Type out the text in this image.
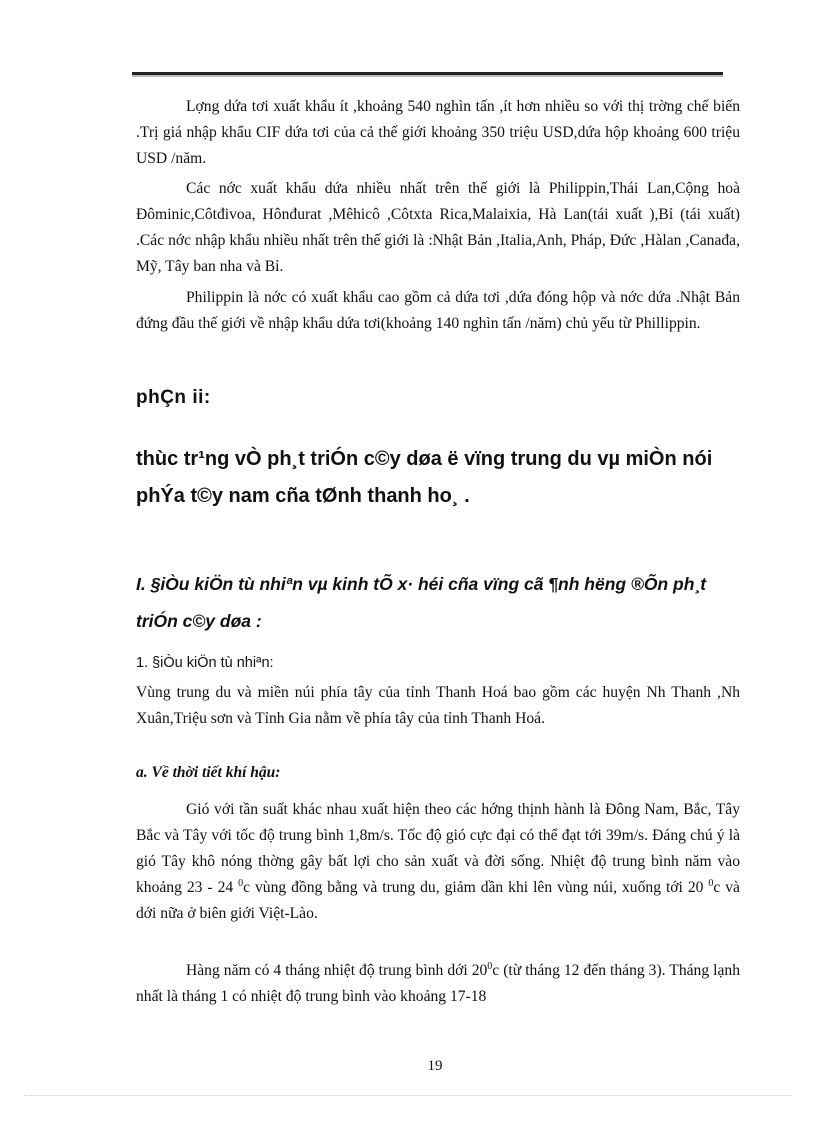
Lợng dứa tơi xuất khẩu ít ,khoảng 540 nghìn tấn ,ít hơn nhiều so với thị trờng chế biến .Trị giá nhập khẩu CIF dứa tơi của cả thế giới khoảng 350 triệu USD,dứa hộp khoảng 600 triệu USD /năm.

Các nớc xuất khẩu dứa nhiều nhất trên thế giới là Philippin,Thái Lan,Cộng hoà Đôminic,Côtđivoa, Hônđurat ,Mêhicô ,Côtxta Rica,Malaixia, Hà Lan(tái xuất ),Bỉ (tái xuất) .Các nớc nhập khẩu nhiều nhất trên thế giới là :Nhật Bản ,Italia,Anh, Pháp, Đức ,Hàlan ,Canađa, Mỹ, Tây ban nha và Bỉ.

Philippin là nớc có xuất khẩu cao gồm cả dứa tơi ,dứa đóng hộp và nớc dứa .Nhật Bản đứng đầu thế giới về nhập khẩu dứa tơi(khoảng 140 nghìn tấn /năm) chủ yếu từ Phillippin.

phÇn ii:
thùc tr¹ng vÒ ph¸t triÓn c©y døa ë vïng trung du vµ miÒn nói phÝa t©y nam cña tØnh thanh ho¸ .
I. §iÒu kiÖn tù nhiªn vµ kinh tÕ x· héi cña vïng cã ¶nh hëng ®Õn ph¸t triÓn c©y døa :
1. §iÒu kiÖn tù nhiªn:

Vùng trung du và miền núi phía tây của tỉnh Thanh Hoá bao gồm các huyện Nh Thanh ,Nh Xuân,Triệu sơn và Tỉnh Gia nằm về phía tây của tỉnh Thanh Hoá.

a. Về thời tiết khí hậu:

Gió với tần suất khác nhau xuất hiện theo các hớng thịnh hành là Đông Nam, Bắc, Tây Bắc và Tây với tốc độ trung bình 1,8m/s. Tốc độ gió cực đại có thể đạt tới 39m/s. Đáng chú ý là gió Tây khô nóng thờng gây bất lợi cho sản xuất và đời sống. Nhiệt độ trung bình năm vào khoảng 23 - 24 $^0$c vùng đồng bằng và trung du, giảm dần khi lên vùng núi, xuống tới 20 $^0$c và dới nữa ở biên giới Việt-Lào.

Hàng năm có 4 tháng nhiệt độ trung bình dới $20^0c$ (từ tháng 12 đến tháng 3). Tháng lạnh nhất là tháng 1 có nhiệt độ trung bình vào khoảng 17-18

19
